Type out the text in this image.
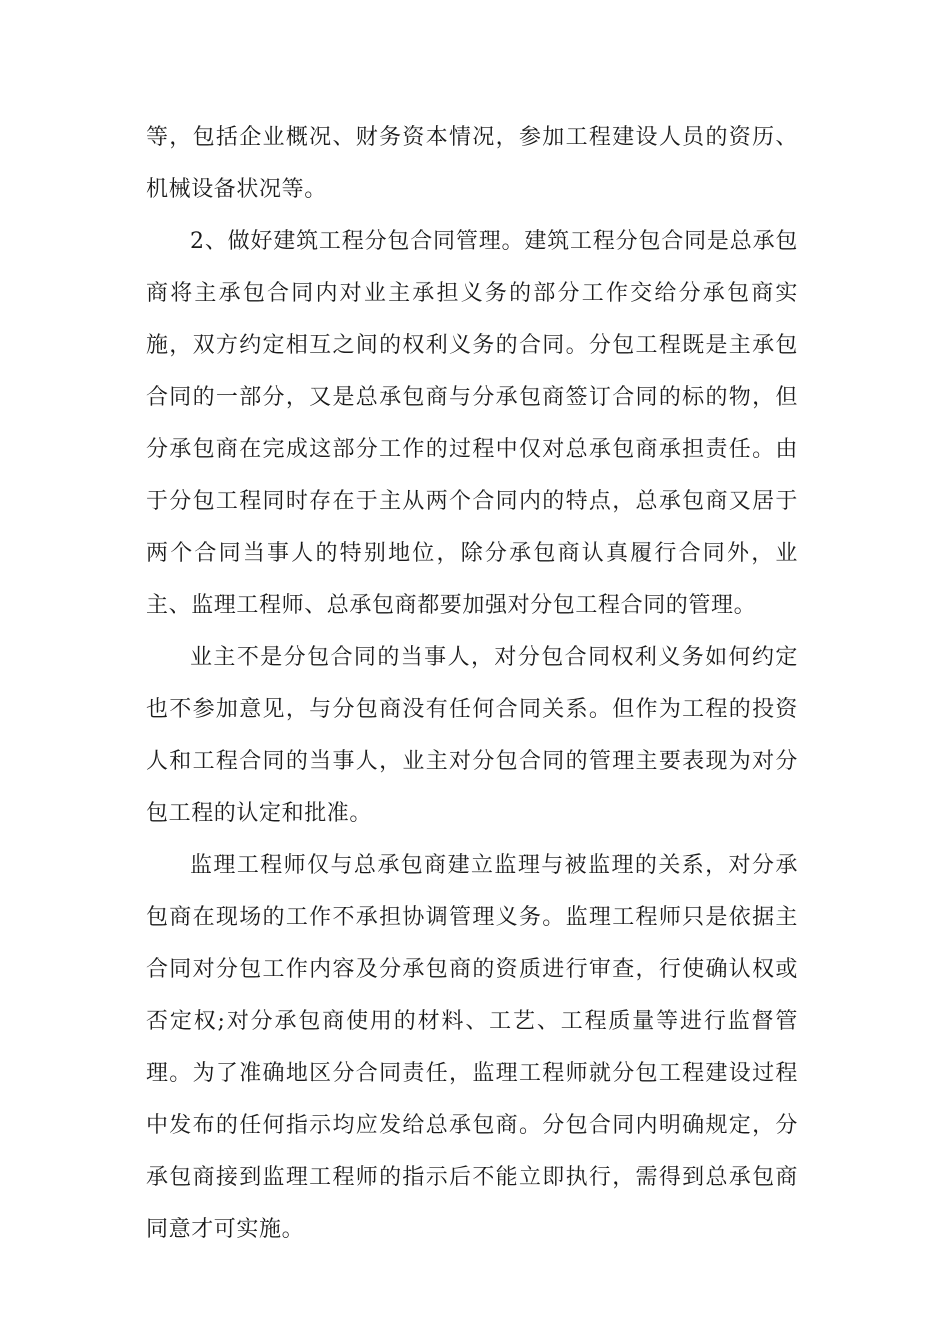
等，包括企业概况、财务资本情况，参加工程建设人员的资历、机械设备状况等。

2、做好建筑工程分包合同管理。建筑工程分包合同是总承包商将主承包合同内对业主承担义务的部分工作交给分承包商实施，双方约定相互之间的权利义务的合同。分包工程既是主承包合同的一部分，又是总承包商与分承包商签订合同的标的物，但分承包商在完成这部分工作的过程中仅对总承包商承担责任。由于分包工程同时存在于主从两个合同内的特点，总承包商又居于两个合同当事人的特别地位，除分承包商认真履行合同外，业主、监理工程师、总承包商都要加强对分包工程合同的管理。

业主不是分包合同的当事人，对分包合同权利义务如何约定也不参加意见，与分包商没有任何合同关系。但作为工程的投资人和工程合同的当事人，业主对分包合同的管理主要表现为对分包工程的认定和批准。

监理工程师仅与总承包商建立监理与被监理的关系，对分承包商在现场的工作不承担协调管理义务。监理工程师只是依据主合同对分包工作内容及分承包商的资质进行审查，行使确认权或否定权;对分承包商使用的材料、工艺、工程质量等进行监督管理。为了准确地区分合同责任，监理工程师就分包工程建设过程中发布的任何指示均应发给总承包商。分包合同内明确规定，分承包商接到监理工程师的指示后不能立即执行，需得到总承包商同意才可实施。
